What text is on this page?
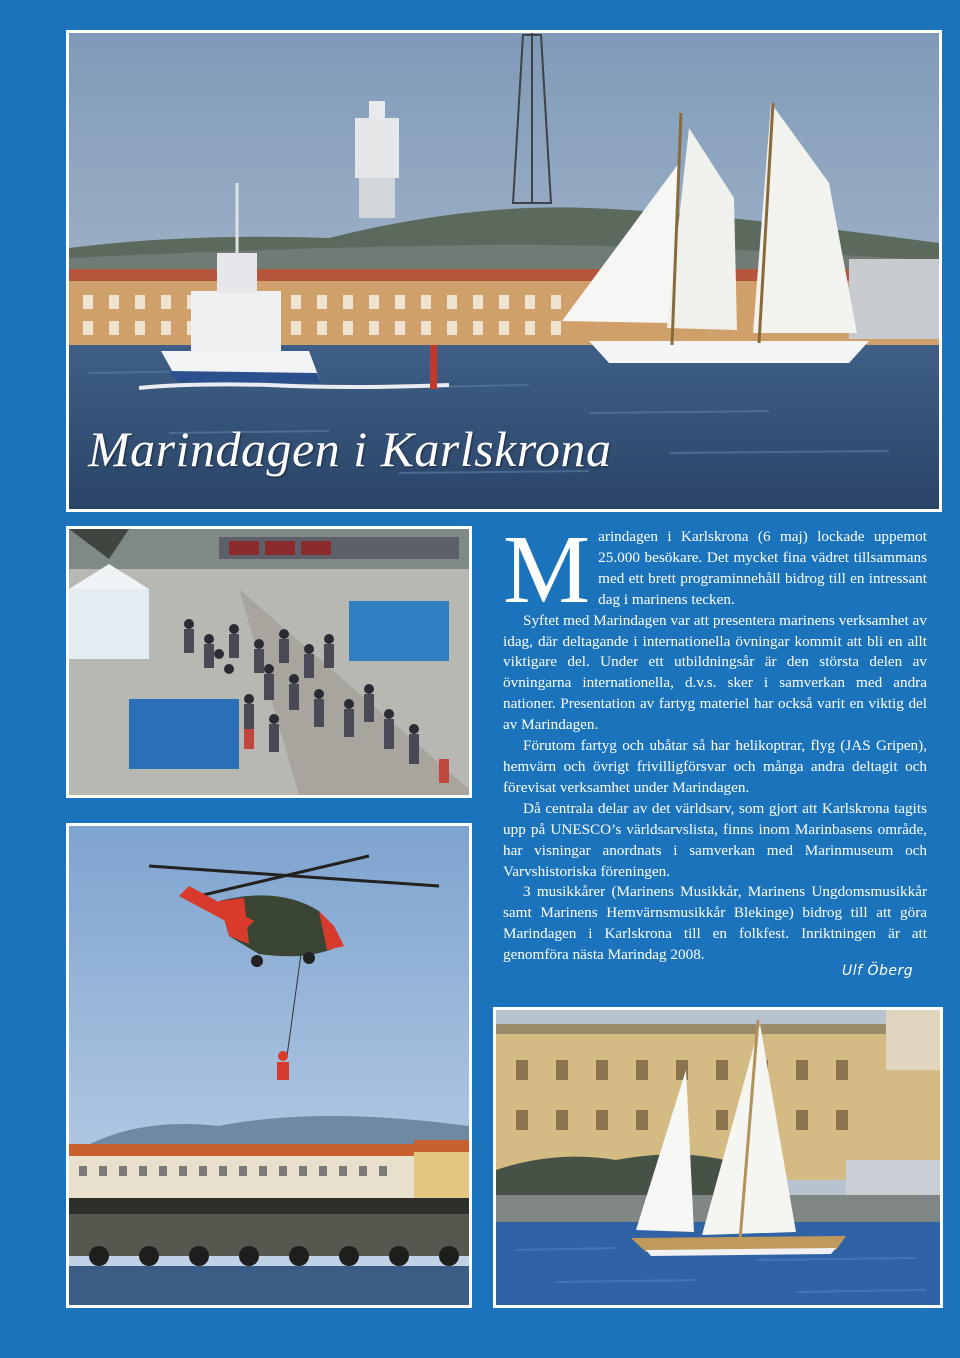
Marindagen i Karlskrona

Marindagen i Karlskrona (6 maj) lockade uppemot 25.000 besökare. Det mycket fina vädret tillsammans med ett brett programinnehåll bidrog till en intressant dag i marinens tecken.

Syftet med Marindagen var att presentera marinens verksamhet av idag, där deltagande i internationella övningar kommit att bli en allt viktigare del. Under ett utbildningsår är den största delen av övningarna internationella, d.v.s. sker i samverkan med andra nationer. Presentation av fartyg materiel har också varit en viktig del av Marindagen.

Förutom fartyg och ubåtar så har helikoptrar, flyg (JAS Gripen), hemvärn och övrigt frivilligförsvar och många andra deltagit och förevisat verksamhet under Marindagen.

Då centrala delar av det världsarv, som gjort att Karlskrona tagits upp på UNESCO’s världsarvslista, finns inom Marinbasens område, har visningar anordnats i samverkan med Marinmuseum och Varvshistoriska föreningen.

3 musikkårer (Marinens Musikkår, Marinens Ungdomsmusikkår samt Marinens Hemvärnsmusikkår Blekinge) bidrog till att göra Marindagen i Karlskrona till en folkfest. Inriktningen är att genomföra nästa Marindag 2008.

Ulf Öberg
